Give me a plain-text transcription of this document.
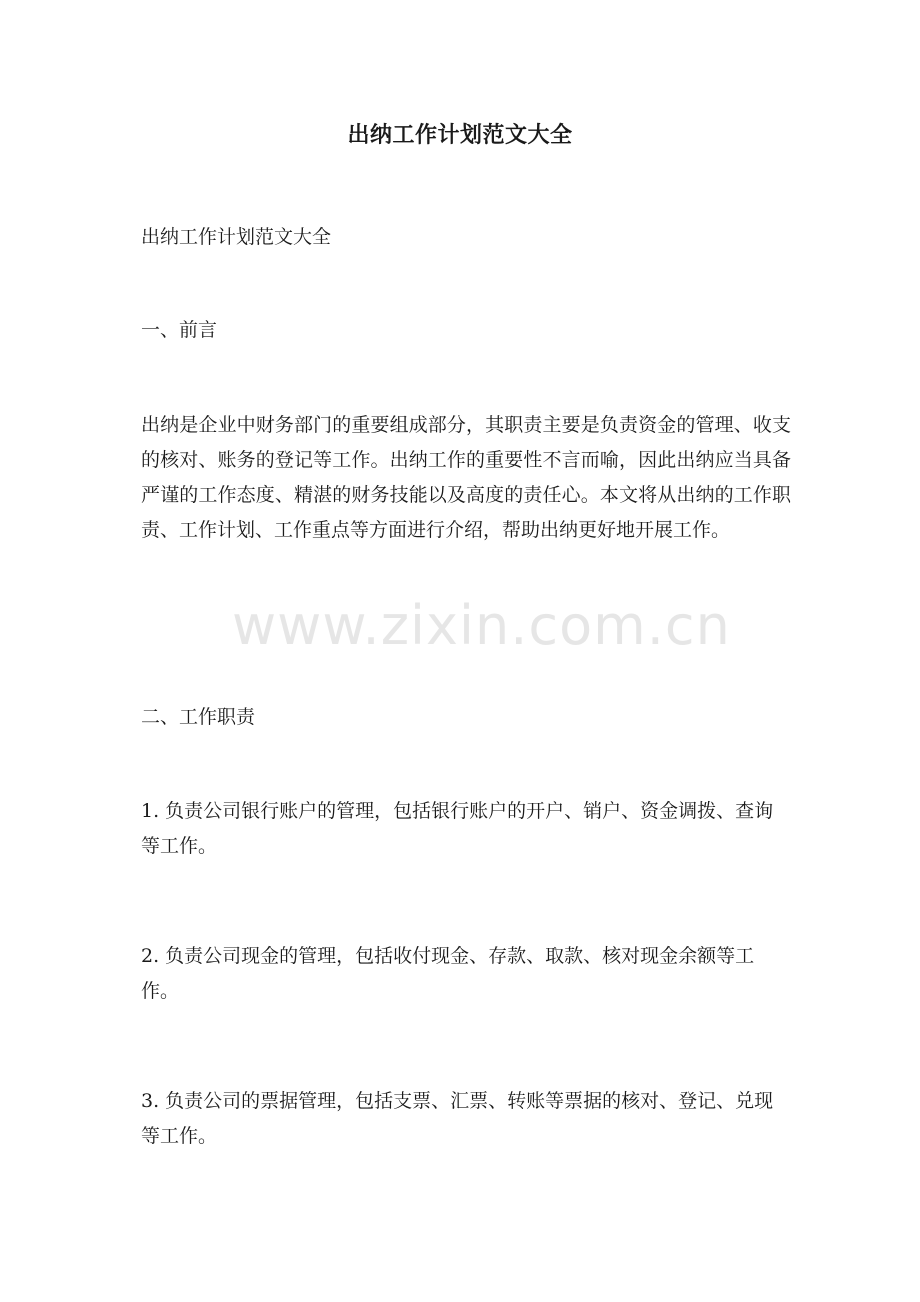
出纳工作计划范文大全

出纳工作计划范文大全

一、前言

出纳是企业中财务部门的重要组成部分，其职责主要是负责资金的管理、收支的核对、账务的登记等工作。出纳工作的重要性不言而喻，因此出纳应当具备严谨的工作态度、精湛的财务技能以及高度的责任心。本文将从出纳的工作职责、工作计划、工作重点等方面进行介绍，帮助出纳更好地开展工作。

二、工作职责

1. 负责公司银行账户的管理，包括银行账户的开户、销户、资金调拨、查询等工作。

2. 负责公司现金的管理，包括收付现金、存款、取款、核对现金余额等工作。

3. 负责公司的票据管理，包括支票、汇票、转账等票据的核对、登记、兑现等工作。

www.zixin.com.cn
